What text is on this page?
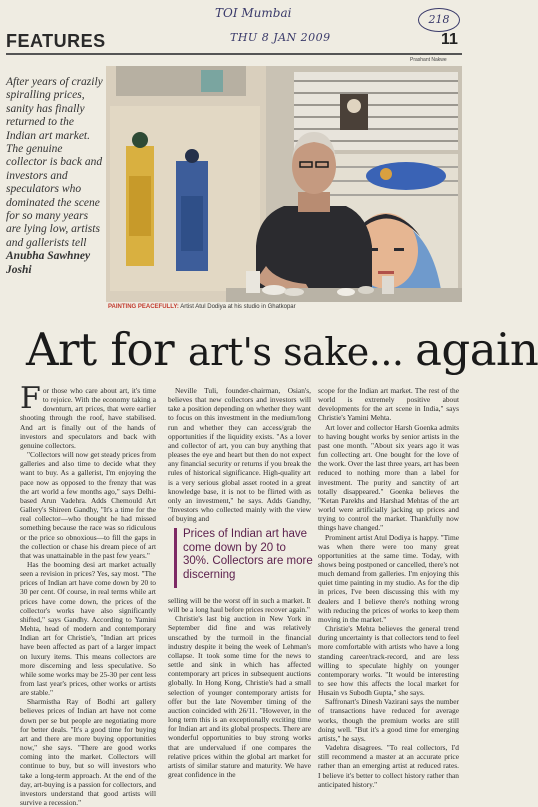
TOI Mumbai
THU 8 JAN 2009
218
FEATURES	11
Prashant Nakwe
After years of crazily spiralling prices, sanity has finally returned to the Indian art market. The genuine collector is back and investors and speculators who dominated the scene for so many years are lying low, artists and gallerists tell Anubha Sawhney Joshi
PAINTING PEACEFULLY: Artist Atul Dodiya at his studio in Ghatkopar
Art for art's sake... again

For those who care about art, it's time to rejoice. With the economy taking a downturn, art prices, that were earlier shooting through the roof, have stabilised. And art is finally out of the hands of investors and speculators and back with genuine collectors.

"Collectors will now get steady prices from galleries and also time to decide what they want to buy. As a gallerist, I'm enjoying the pace now as opposed to the frenzy that was the art world a few months ago," says Delhi-based Arun Vadehra. Adds Chemould Art Gallery's Shireen Gandhy, "It's a time for the real collector—who thought he had missed something because the race was so ridiculous or the price so obnoxious—to fill the gaps in the collection or chase his dream piece of art that was unattainable in the past few years."

Has the booming desi art market actually seen a revision in prices? Yes, say most. "The prices of Indian art have come down by 20 to 30 per cent. Of course, in real terms while art prices have come down, the prices of the collector's works have also significantly shifted," says Gandhy. According to Yamini Mehta, head of modern and contemporary Indian art for Christie's, "Indian art prices have been affected as part of a larger impact on luxury items. This means collectors are more discerning and less speculative. So while some works may be 25-30 per cent less from last year's prices, other works or artists are stable."

Sharmistha Ray of Bodhi art gallery believes prices of Indian art have not come down per se but people are negotiating more for better deals. "It's a good time for buying art and there are more buying opportunities now," she says. "There are good works coming into the market. Collectors will continue to buy, but so will investors who take a long-term approach. At the end of the day, art-buying is a passion for collectors, and investors understand that good artists will survive a recession."

Neville Tuli, founder-chairman, Osian's, believes that new collectors and investors will take a position depending on whether they want to focus on this investment in the medium/long run and whether they can access/grab the opportunities if the liquidity exists. "As a lover and collector of art, you can buy anything that pleases the eye and heart but then do not expect any financial security or returns if you break the rules of historical significance. High-quality art is a very serious global asset rooted in a great knowledge base, it is not to be flirted with as only an investment," he says. Adds Gandhy, "Investors who collected mainly with the view of buying and

Prices of Indian art have come down by 20 to 30%. Collectors are more discerning

selling will be the worst off in such a market. It will be a long haul before prices recover again."

Christie's last big auction in New York in September did fine and was relatively unscathed by the turmoil in the financial industry despite it being the week of Lehman's collapse. It took some time for the news to settle and sink in which has affected contemporary art prices in subsequent auctions globally. In Hong Kong, Christie's had a small selection of younger contemporary artists for offer but the late November timing of the auction coincided with 26/11. "However, in the long term this is an exceptionally exciting time for Indian art and its global prospects. There are wonderful opportunities to buy strong works that are undervalued if one compares the relative prices within the global art market for artists of similar stature and maturity. We have great confidence in the

scope for the Indian art market. The rest of the world is extremely positive about developments for the art scene in India," says Christie's Yamini Mehta.

Art lover and collector Harsh Goenka admits to having bought works by senior artists in the past one month. "About six years ago it was fun collecting art. One bought for the love of the work. Over the last three years, art has been reduced to nothing more than a label for investment. The purity and sanctity of art totally disappeared." Goenka believes the "Ketan Parekhs and Harshad Mehtas of the art world were artificially jacking up prices and trying to control the market. Thankfully now things have changed."

Prominent artist Atul Dodiya is happy. "Time was when there were too many great opportunities at the same time. Today, with shows being postponed or cancelled, there's not much demand from galleries. I'm enjoying this quiet time painting in my studio. As for the dip in prices, I've been discussing this with my dealers and I believe there's nothing wrong with reducing the prices of works to keep them moving in the market."

Christie's Mehta believes the general trend during uncertainty is that collectors tend to feel more comfortable with artists who have a long standing career/track-record, and are less willing to speculate highly on younger contemporary works. "It would be interesting to see how this affects the local market for Husain vs Subodh Gupta," she says.

Saffronart's Dinesh Vazirani says the number of transactions have reduced for average works, though the premium works are still doing well. "But it's a good time for emerging artists," he says.

Vadehra disagrees. "To real collectors, I'd still recommend a master at an accurate price rather than an emerging artist at reduced rates. I believe it's better to collect history rather than anticipated history."
